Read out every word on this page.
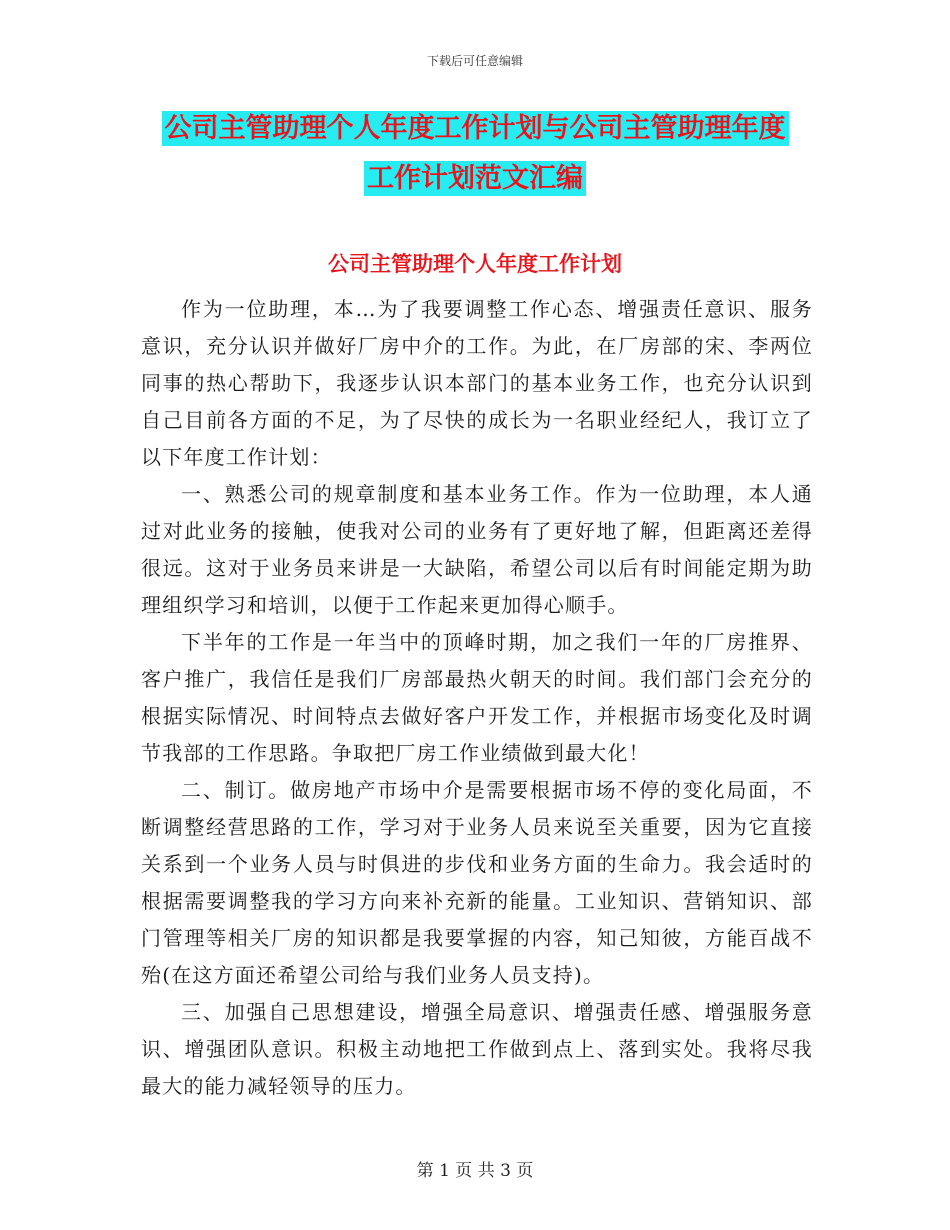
下载后可任意编辑
公司主管助理个人年度工作计划与公司主管助理年度
工作计划范文汇编
公司主管助理个人年度工作计划

作为一位助理，本…为了我要调整工作心态、增强责任意识、服务意识，充分认识并做好厂房中介的工作。为此，在厂房部的宋、李两位同事的热心帮助下，我逐步认识本部门的基本业务工作，也充分认识到自己目前各方面的不足，为了尽快的成长为一名职业经纪人，我订立了以下年度工作计划：

一、熟悉公司的规章制度和基本业务工作。作为一位助理，本人通过对此业务的接触，使我对公司的业务有了更好地了解，但距离还差得很远。这对于业务员来讲是一大缺陷，希望公司以后有时间能定期为助理组织学习和培训，以便于工作起来更加得心顺手。

下半年的工作是一年当中的顶峰时期，加之我们一年的厂房推界、客户推广，我信任是我们厂房部最热火朝天的时间。我们部门会充分的根据实际情况、时间特点去做好客户开发工作，并根据市场变化及时调节我部的工作思路。争取把厂房工作业绩做到最大化！

二、制订。做房地产市场中介是需要根据市场不停的变化局面，不断调整经营思路的工作，学习对于业务人员来说至关重要，因为它直接关系到一个业务人员与时俱进的步伐和业务方面的生命力。我会适时的根据需要调整我的学习方向来补充新的能量。工业知识、营销知识、部门管理等相关厂房的知识都是我要掌握的内容，知己知彼，方能百战不殆(在这方面还希望公司给与我们业务人员支持)。

三、加强自己思想建设，增强全局意识、增强责任感、增强服务意识、增强团队意识。积极主动地把工作做到点上、落到实处。我将尽我最大的能力减轻领导的压力。

第 1 页 共 3 页
